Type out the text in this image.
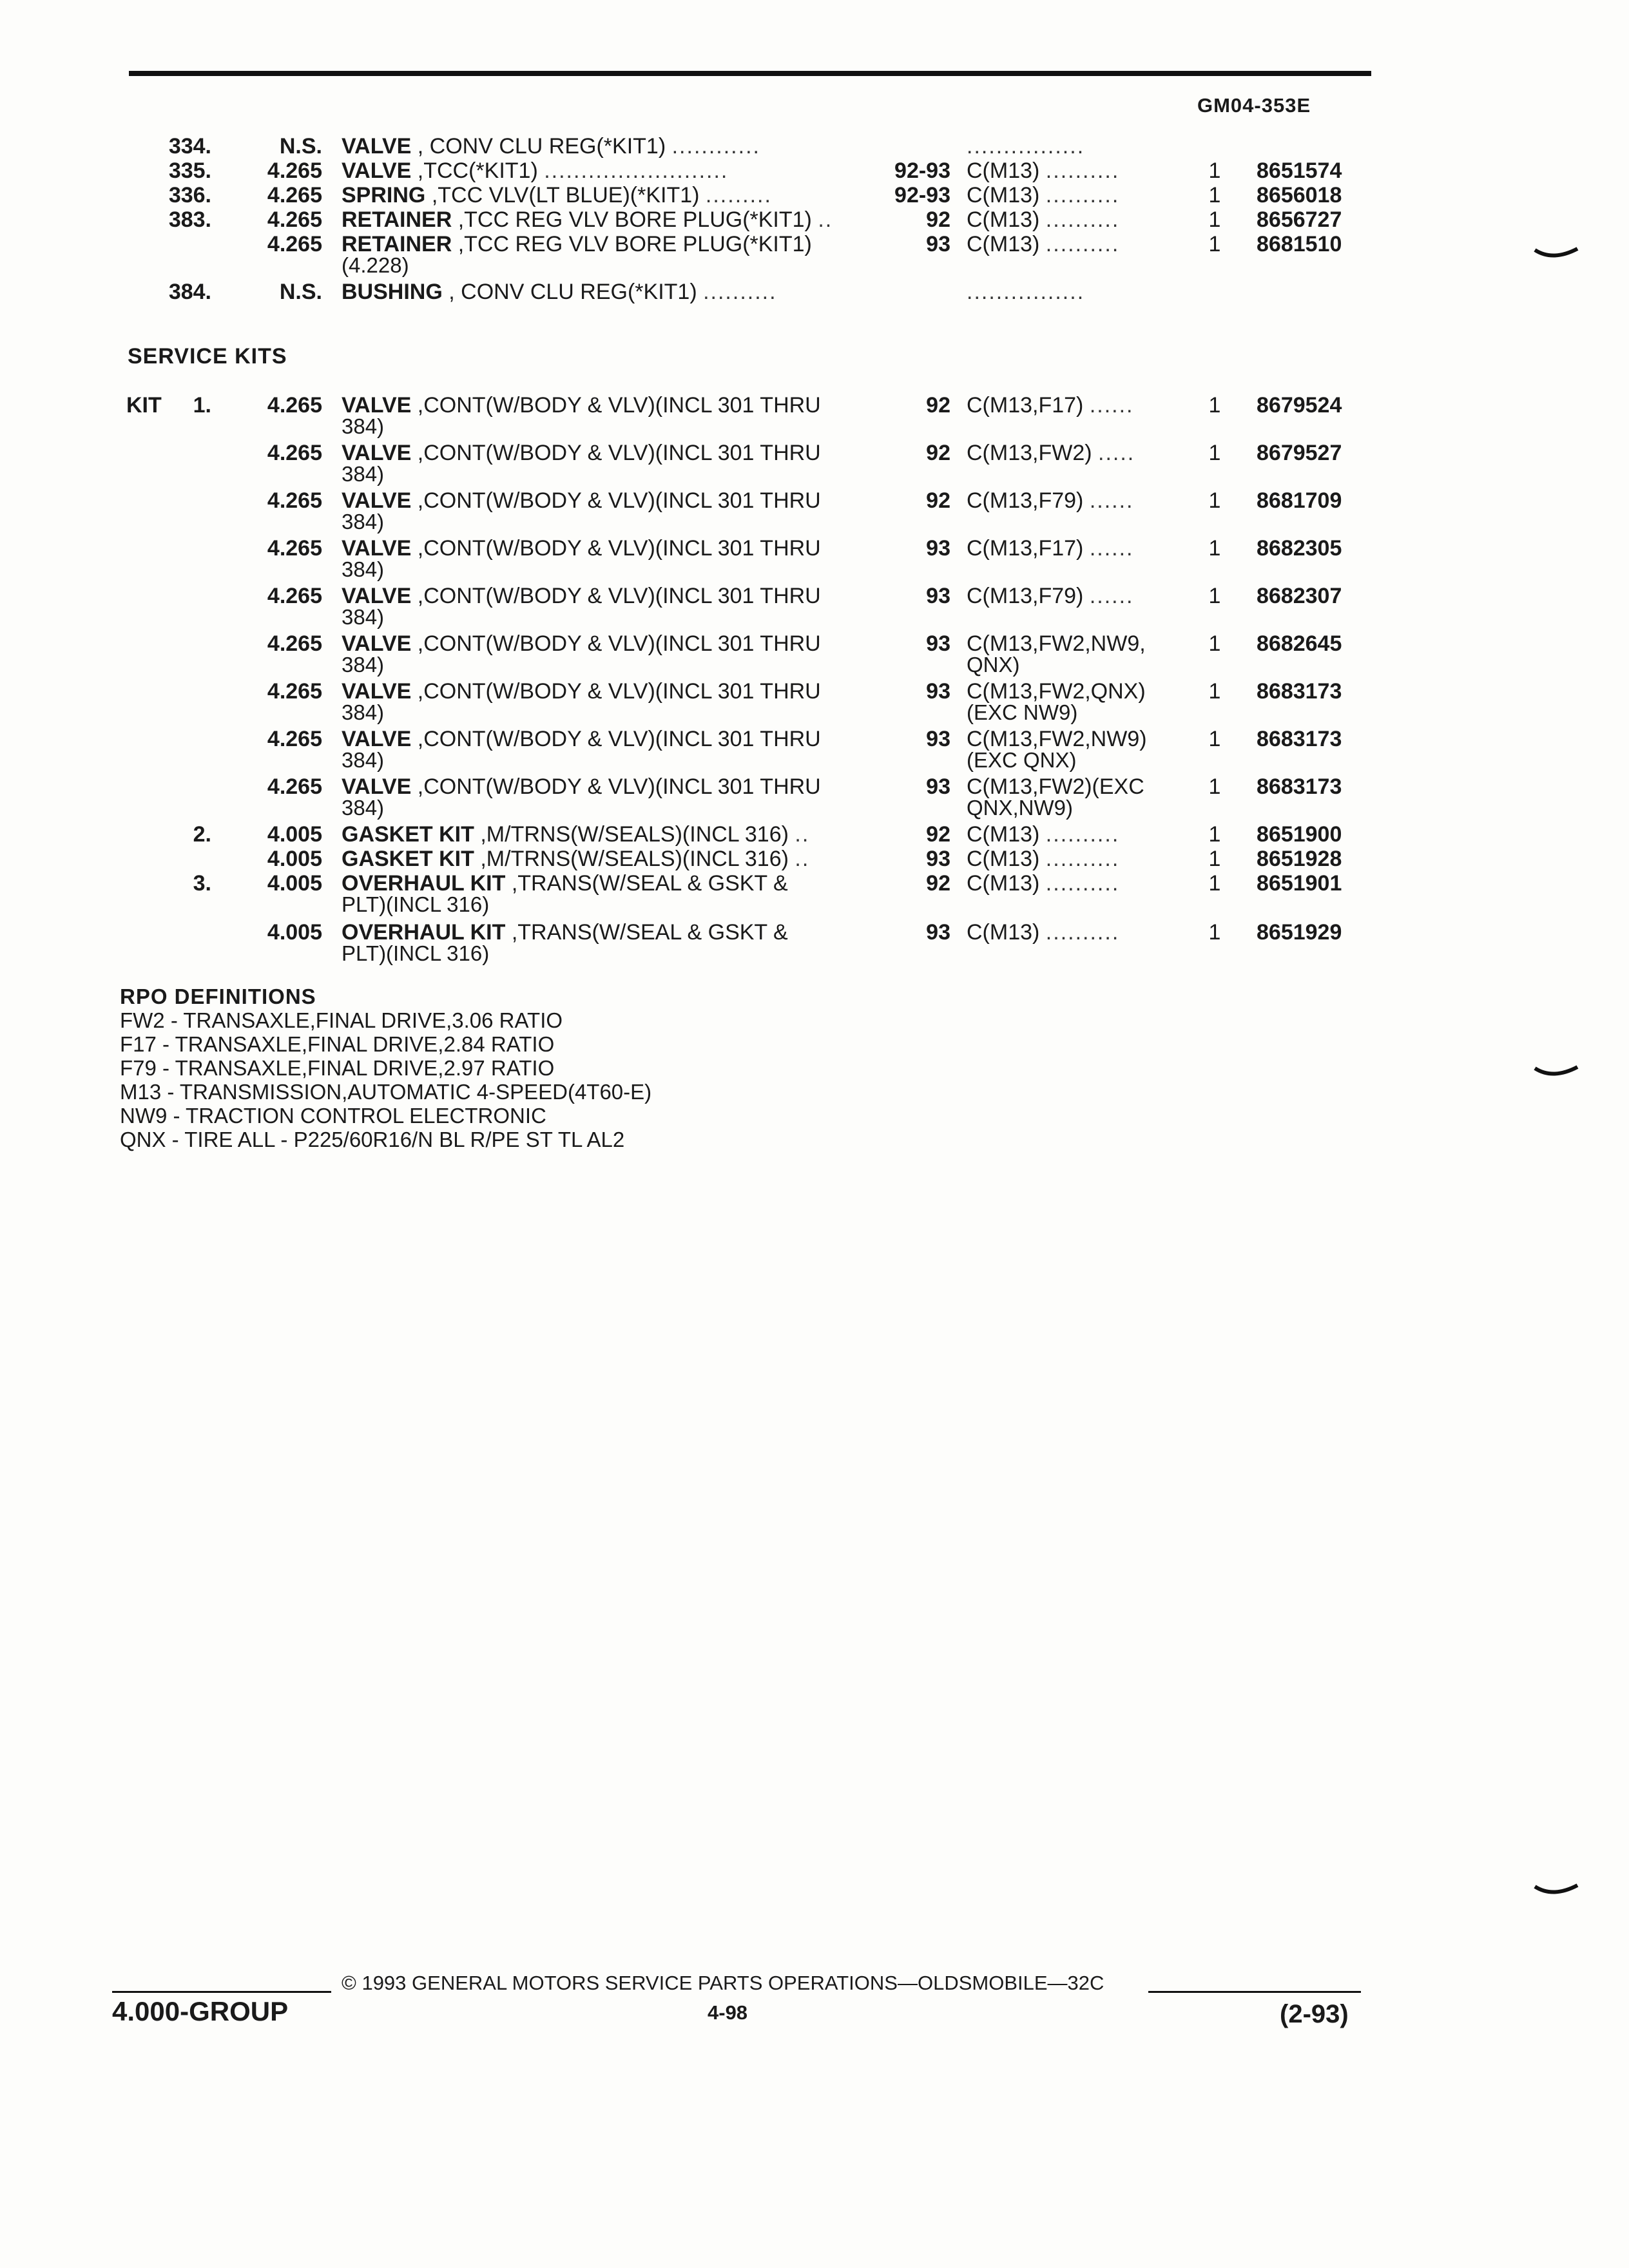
GM04-353E
334.	N.S. VALVE , CONV CLU REG(*KIT1) ............	................
335.	4.265 VALVE ,TCC(*KIT1) .........................	92-93 C(M13) ..........	1	8651574
336.	4.265 SPRING ,TCC VLV(LT BLUE)(*KIT1) .........	92-93 C(M13) ..........	1	8656018
383.	4.265 RETAINER ,TCC REG VLV BORE PLUG(*KIT1) ..	92 C(M13) ..........	1	8656727
4.265 RETAINER ,TCC REG VLV BORE PLUG(*KIT1)	93 C(M13) ..........	1	8681510
(4.228)
384.	N.S. BUSHING , CONV CLU REG(*KIT1) ..........	................
SERVICE KITS
KIT	1.	4.265 VALVE ,CONT(W/BODY & VLV)(INCL 301 THRU	92 C(M13,F17) ......	1	8679524
384)
4.265 VALVE ,CONT(W/BODY & VLV)(INCL 301 THRU	92 C(M13,FW2) .....	1	8679527
384)
4.265 VALVE ,CONT(W/BODY & VLV)(INCL 301 THRU	92 C(M13,F79) ......	1	8681709
384)
4.265 VALVE ,CONT(W/BODY & VLV)(INCL 301 THRU	93 C(M13,F17) ......	1	8682305
384)
4.265 VALVE ,CONT(W/BODY & VLV)(INCL 301 THRU	93 C(M13,F79) ......	1	8682307
384)
4.265 VALVE ,CONT(W/BODY & VLV)(INCL 301 THRU	93 C(M13,FW2,NW9,	1	8682645
384)	QNX)
4.265 VALVE ,CONT(W/BODY & VLV)(INCL 301 THRU	93 C(M13,FW2,QNX)	1	8683173
384)	(EXC NW9)
4.265 VALVE ,CONT(W/BODY & VLV)(INCL 301 THRU	93 C(M13,FW2,NW9)	1	8683173
384)	(EXC QNX)
4.265 VALVE ,CONT(W/BODY & VLV)(INCL 301 THRU	93 C(M13,FW2)(EXC	1	8683173
384)	QNX,NW9)
2.	4.005 GASKET KIT ,M/TRNS(W/SEALS)(INCL 316) ..	92 C(M13) ..........	1	8651900
4.005 GASKET KIT ,M/TRNS(W/SEALS)(INCL 316) ..	93 C(M13) ..........	1	8651928
3.	4.005 OVERHAUL KIT ,TRANS(W/SEAL & GSKT &	92 C(M13) ..........	1	8651901
PLT)(INCL 316)
4.005 OVERHAUL KIT ,TRANS(W/SEAL & GSKT &	93 C(M13) ..........	1	8651929
PLT)(INCL 316)
RPO DEFINITIONS
FW2 - TRANSAXLE,FINAL DRIVE,3.06 RATIO
F17 - TRANSAXLE,FINAL DRIVE,2.84 RATIO
F79 - TRANSAXLE,FINAL DRIVE,2.97 RATIO
M13 - TRANSMISSION,AUTOMATIC 4-SPEED(4T60-E)
NW9 - TRACTION CONTROL ELECTRONIC
QNX - TIRE ALL - P225/60R16/N BL R/PE ST TL AL2
© 1993 GENERAL MOTORS SERVICE PARTS OPERATIONS—OLDSMOBILE—32C
4.000-GROUP	4-98	(2-93)
